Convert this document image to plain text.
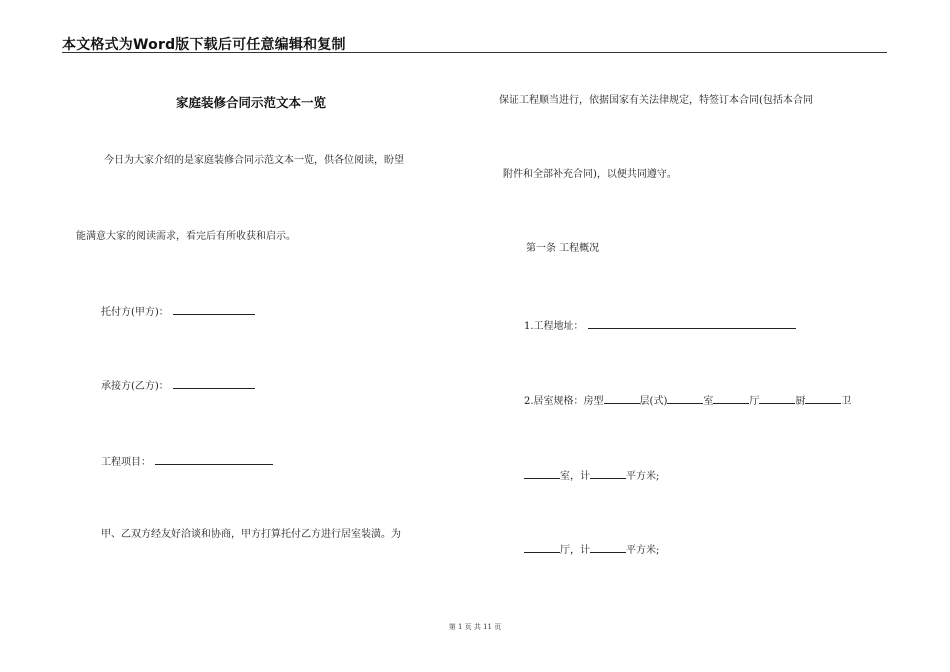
本文格式为Word版下载后可任意编辑和复制
家庭装修合同示范文本一览
今日为大家介绍的是家庭装修合同示范文本一览，供各位阅读，盼望
能满意大家的阅读需求，看完后有所收获和启示。
托付方(甲方)：
承接方(乙方)：
工程项目：
甲、乙双方经友好洽谈和协商，甲方打算托付乙方进行居室装潢。为
保证工程顺当进行，依据国家有关法律规定，特签订本合同(包括本合同
附件和全部补充合同)，以便共同遵守。
第一条 工程概况
1.工程地址：
2.居室规格：房型	层(式)	室	厅	厨	卫
室，计	平方米;
厅，计	平方米;
第 1 页 共 11 页
